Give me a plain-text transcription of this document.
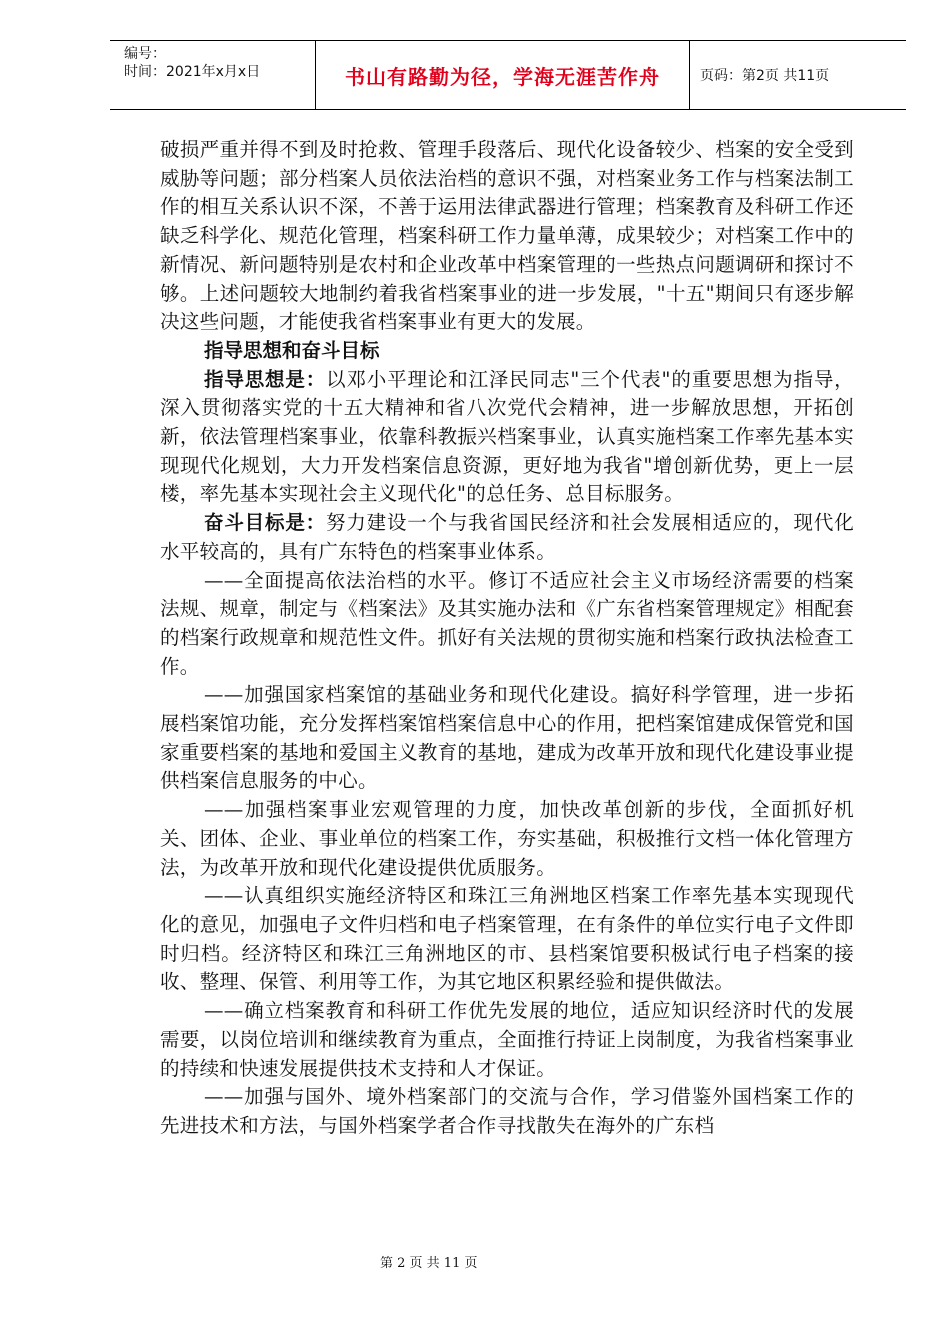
编号：
时间：2021年x月x日	书山有路勤为径，学海无涯苦作舟	页码：第2页 共11页

破损严重并得不到及时抢救、管理手段落后、现代化设备较少、档案的安全受到威胁等问题；部分档案人员依法治档的意识不强，对档案业务工作与档案法制工作的相互关系认识不深，不善于运用法律武器进行管理；档案教育及科研工作还缺乏科学化、规范化管理，档案科研工作力量单薄，成果较少；对档案工作中的新情况、新问题特别是农村和企业改革中档案管理的一些热点问题调研和探讨不够。上述问题较大地制约着我省档案事业的进一步发展，"十五"期间只有逐步解决这些问题，才能使我省档案事业有更大的发展。

指导思想和奋斗目标

指导思想是：以邓小平理论和江泽民同志"三个代表"的重要思想为指导，深入贯彻落实党的十五大精神和省八次党代会精神，进一步解放思想，开拓创新，依法管理档案事业，依靠科教振兴档案事业，认真实施档案工作率先基本实现现代化规划，大力开发档案信息资源，更好地为我省"增创新优势，更上一层楼，率先基本实现社会主义现代化"的总任务、总目标服务。

奋斗目标是：努力建设一个与我省国民经济和社会发展相适应的，现代化水平较高的，具有广东特色的档案事业体系。

——全面提高依法治档的水平。修订不适应社会主义市场经济需要的档案法规、规章，制定与《档案法》及其实施办法和《广东省档案管理规定》相配套的档案行政规章和规范性文件。抓好有关法规的贯彻实施和档案行政执法检查工作。

——加强国家档案馆的基础业务和现代化建设。搞好科学管理，进一步拓展档案馆功能，充分发挥档案馆档案信息中心的作用，把档案馆建成保管党和国家重要档案的基地和爱国主义教育的基地，建成为改革开放和现代化建设事业提供档案信息服务的中心。

——加强档案事业宏观管理的力度，加快改革创新的步伐，全面抓好机关、团体、企业、事业单位的档案工作，夯实基础，积极推行文档一体化管理方法，为改革开放和现代化建设提供优质服务。

——认真组织实施经济特区和珠江三角洲地区档案工作率先基本实现现代化的意见，加强电子文件归档和电子档案管理，在有条件的单位实行电子文件即时归档。经济特区和珠江三角洲地区的市、县档案馆要积极试行电子档案的接收、整理、保管、利用等工作，为其它地区积累经验和提供做法。

——确立档案教育和科研工作优先发展的地位，适应知识经济时代的发展需要，以岗位培训和继续教育为重点，全面推行持证上岗制度，为我省档案事业的持续和快速发展提供技术支持和人才保证。

——加强与国外、境外档案部门的交流与合作，学习借鉴外国档案工作的先进技术和方法，与国外档案学者合作寻找散失在海外的广东档

第 2 页 共 11 页
